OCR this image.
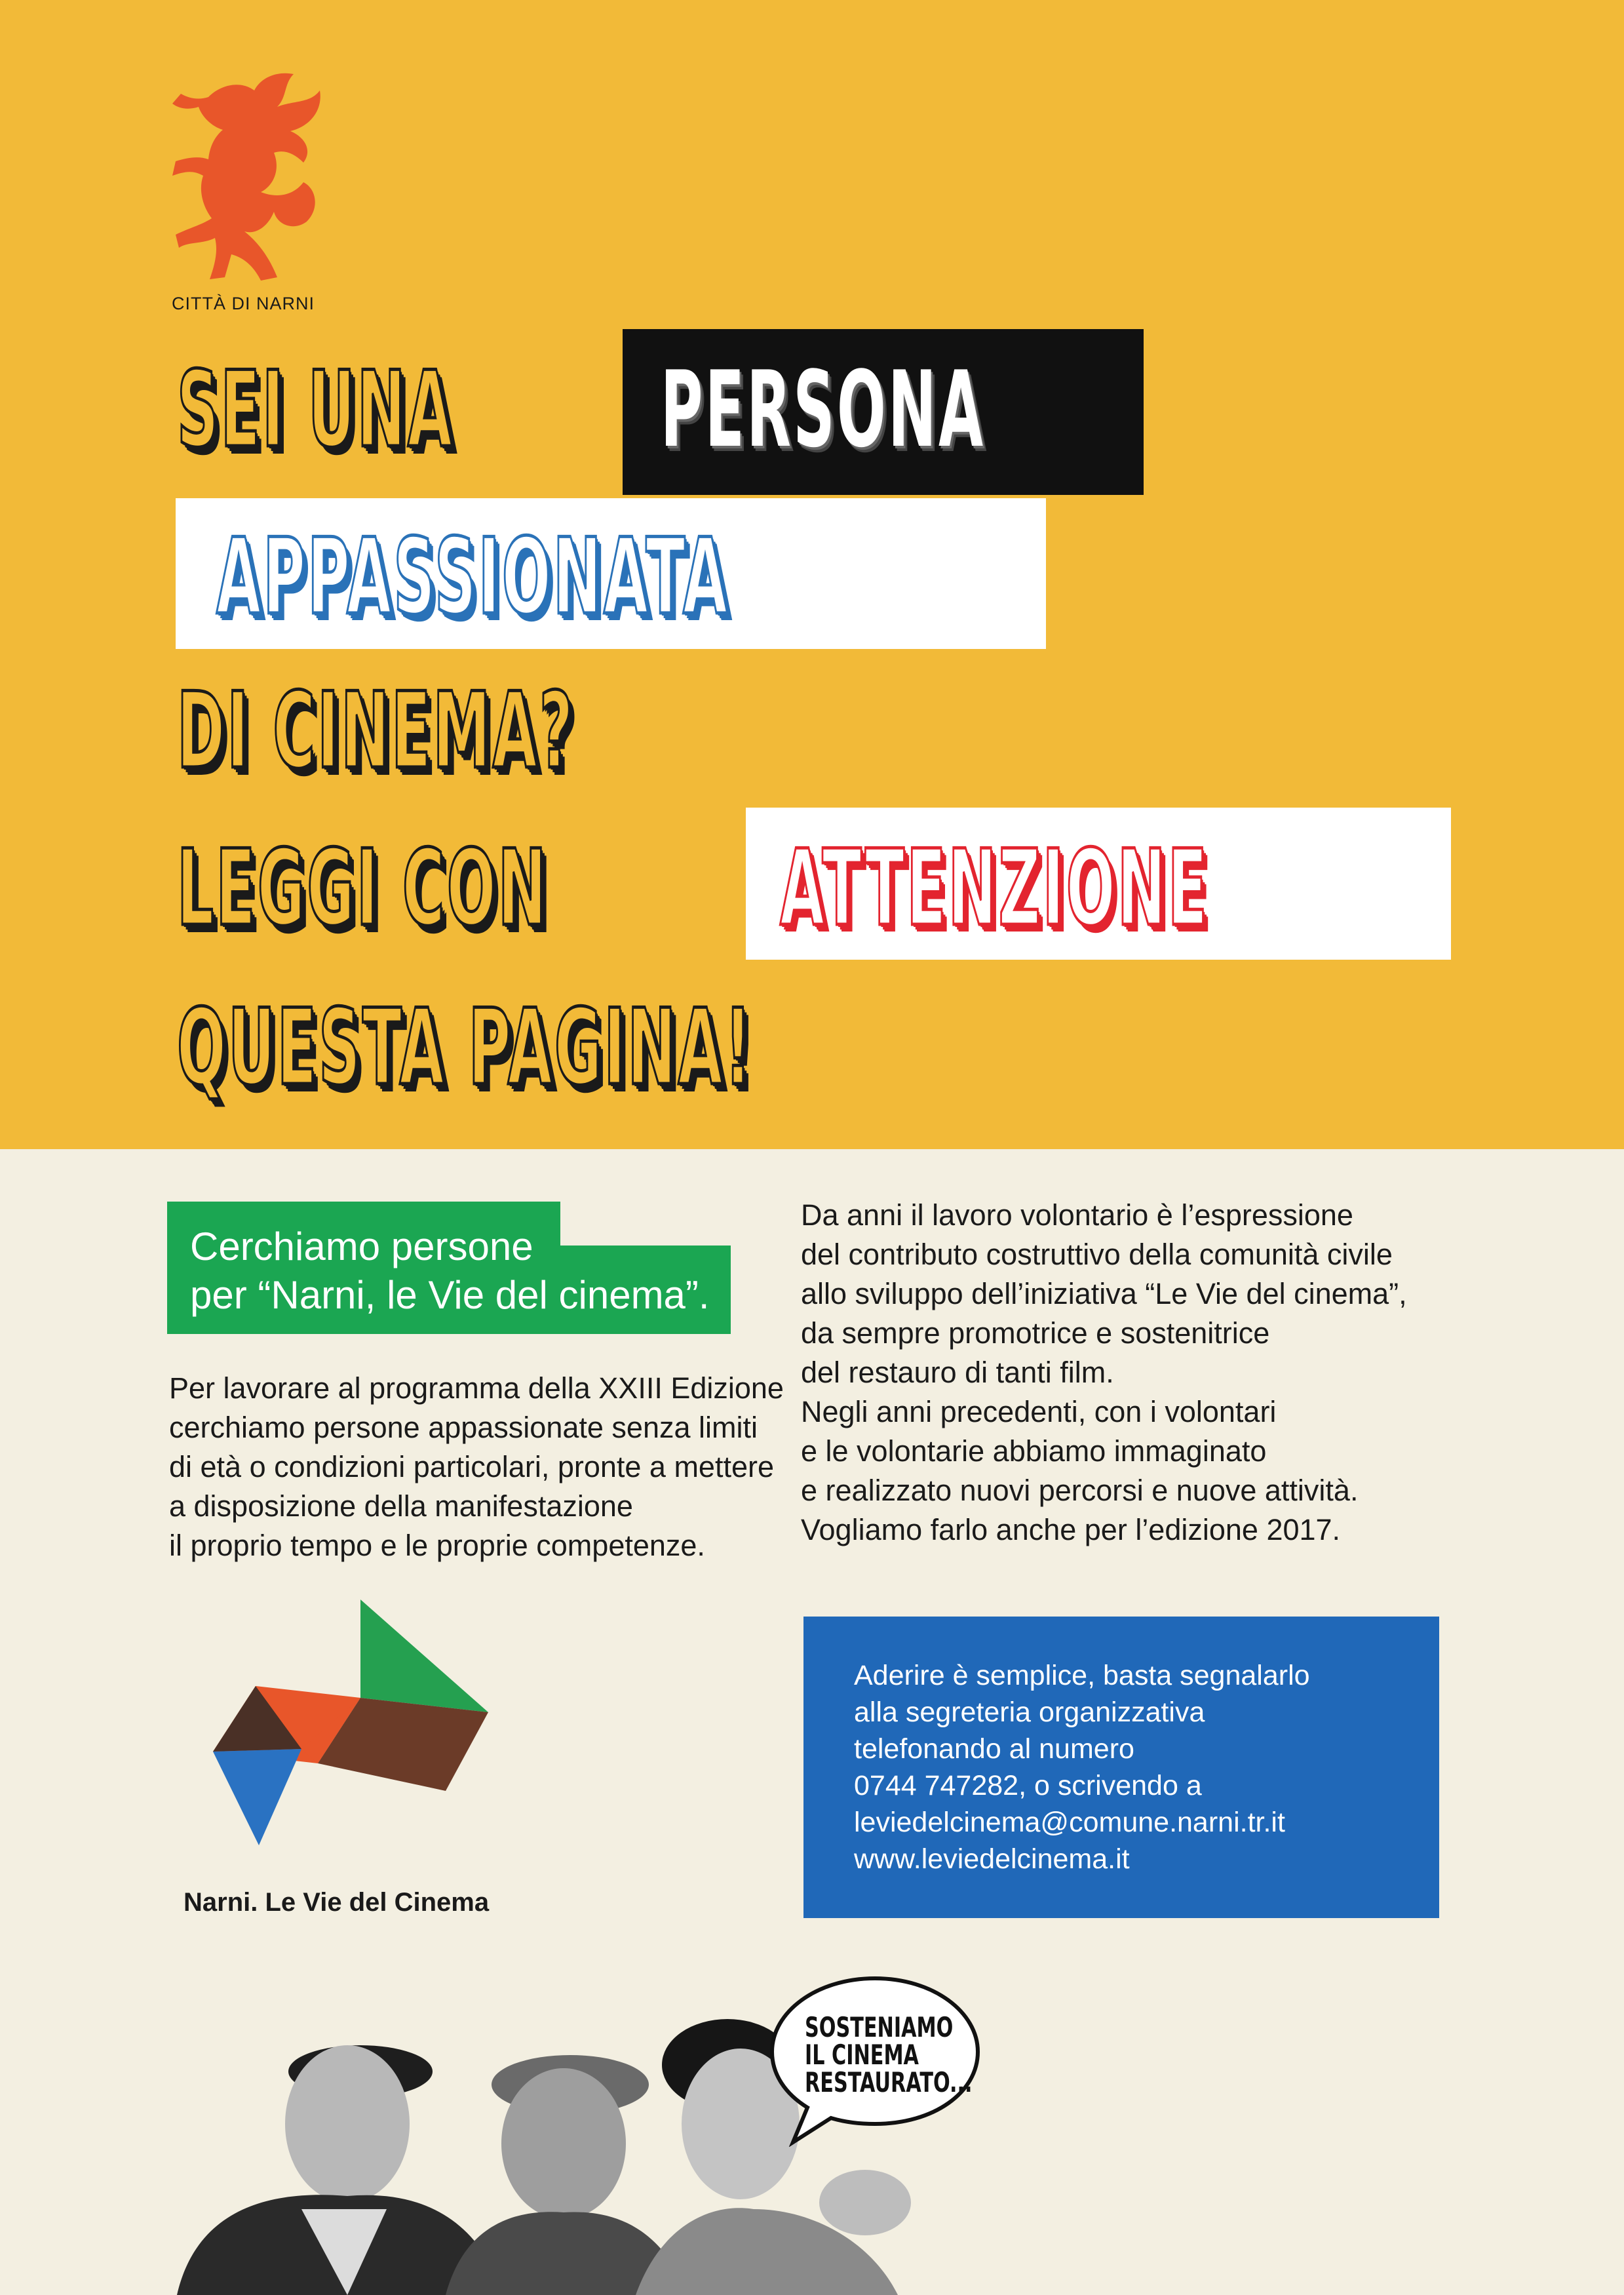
CITTÀ DI NARNI
SEI UNA PERSONA
APPASSIONATA
DI CINEMA?
LEGGI CON ATTENZIONE
QUESTA PAGINA!
Cerchiamo persone
per “Narni, le Vie del cinema”.
Per lavorare al programma della XXIII Edizione
cerchiamo persone appassionate senza limiti
di età o condizioni particolari, pronte a mettere
a disposizione della manifestazione
il proprio tempo e le proprie competenze.
Da anni il lavoro volontario è l’espressione
del contributo costruttivo della comunità civile
allo sviluppo dell’iniziativa “Le Vie del cinema”,
da sempre promotrice e sostenitrice
del restauro di tanti film.
Negli anni precedenti, con i volontari
e le volontarie abbiamo immaginato
e realizzato nuovi percorsi e nuove attività.
Vogliamo farlo anche per l’edizione 2017.
Aderire è semplice, basta segnalarlo
alla segreteria organizzativa
telefonando al numero
0744 747282, o scrivendo a
leviedelcinema@comune.narni.tr.it
www.leviedelcinema.it
Narni. Le Vie del Cinema
SOSTENIAMO
IL CINEMA
RESTAURATO...
